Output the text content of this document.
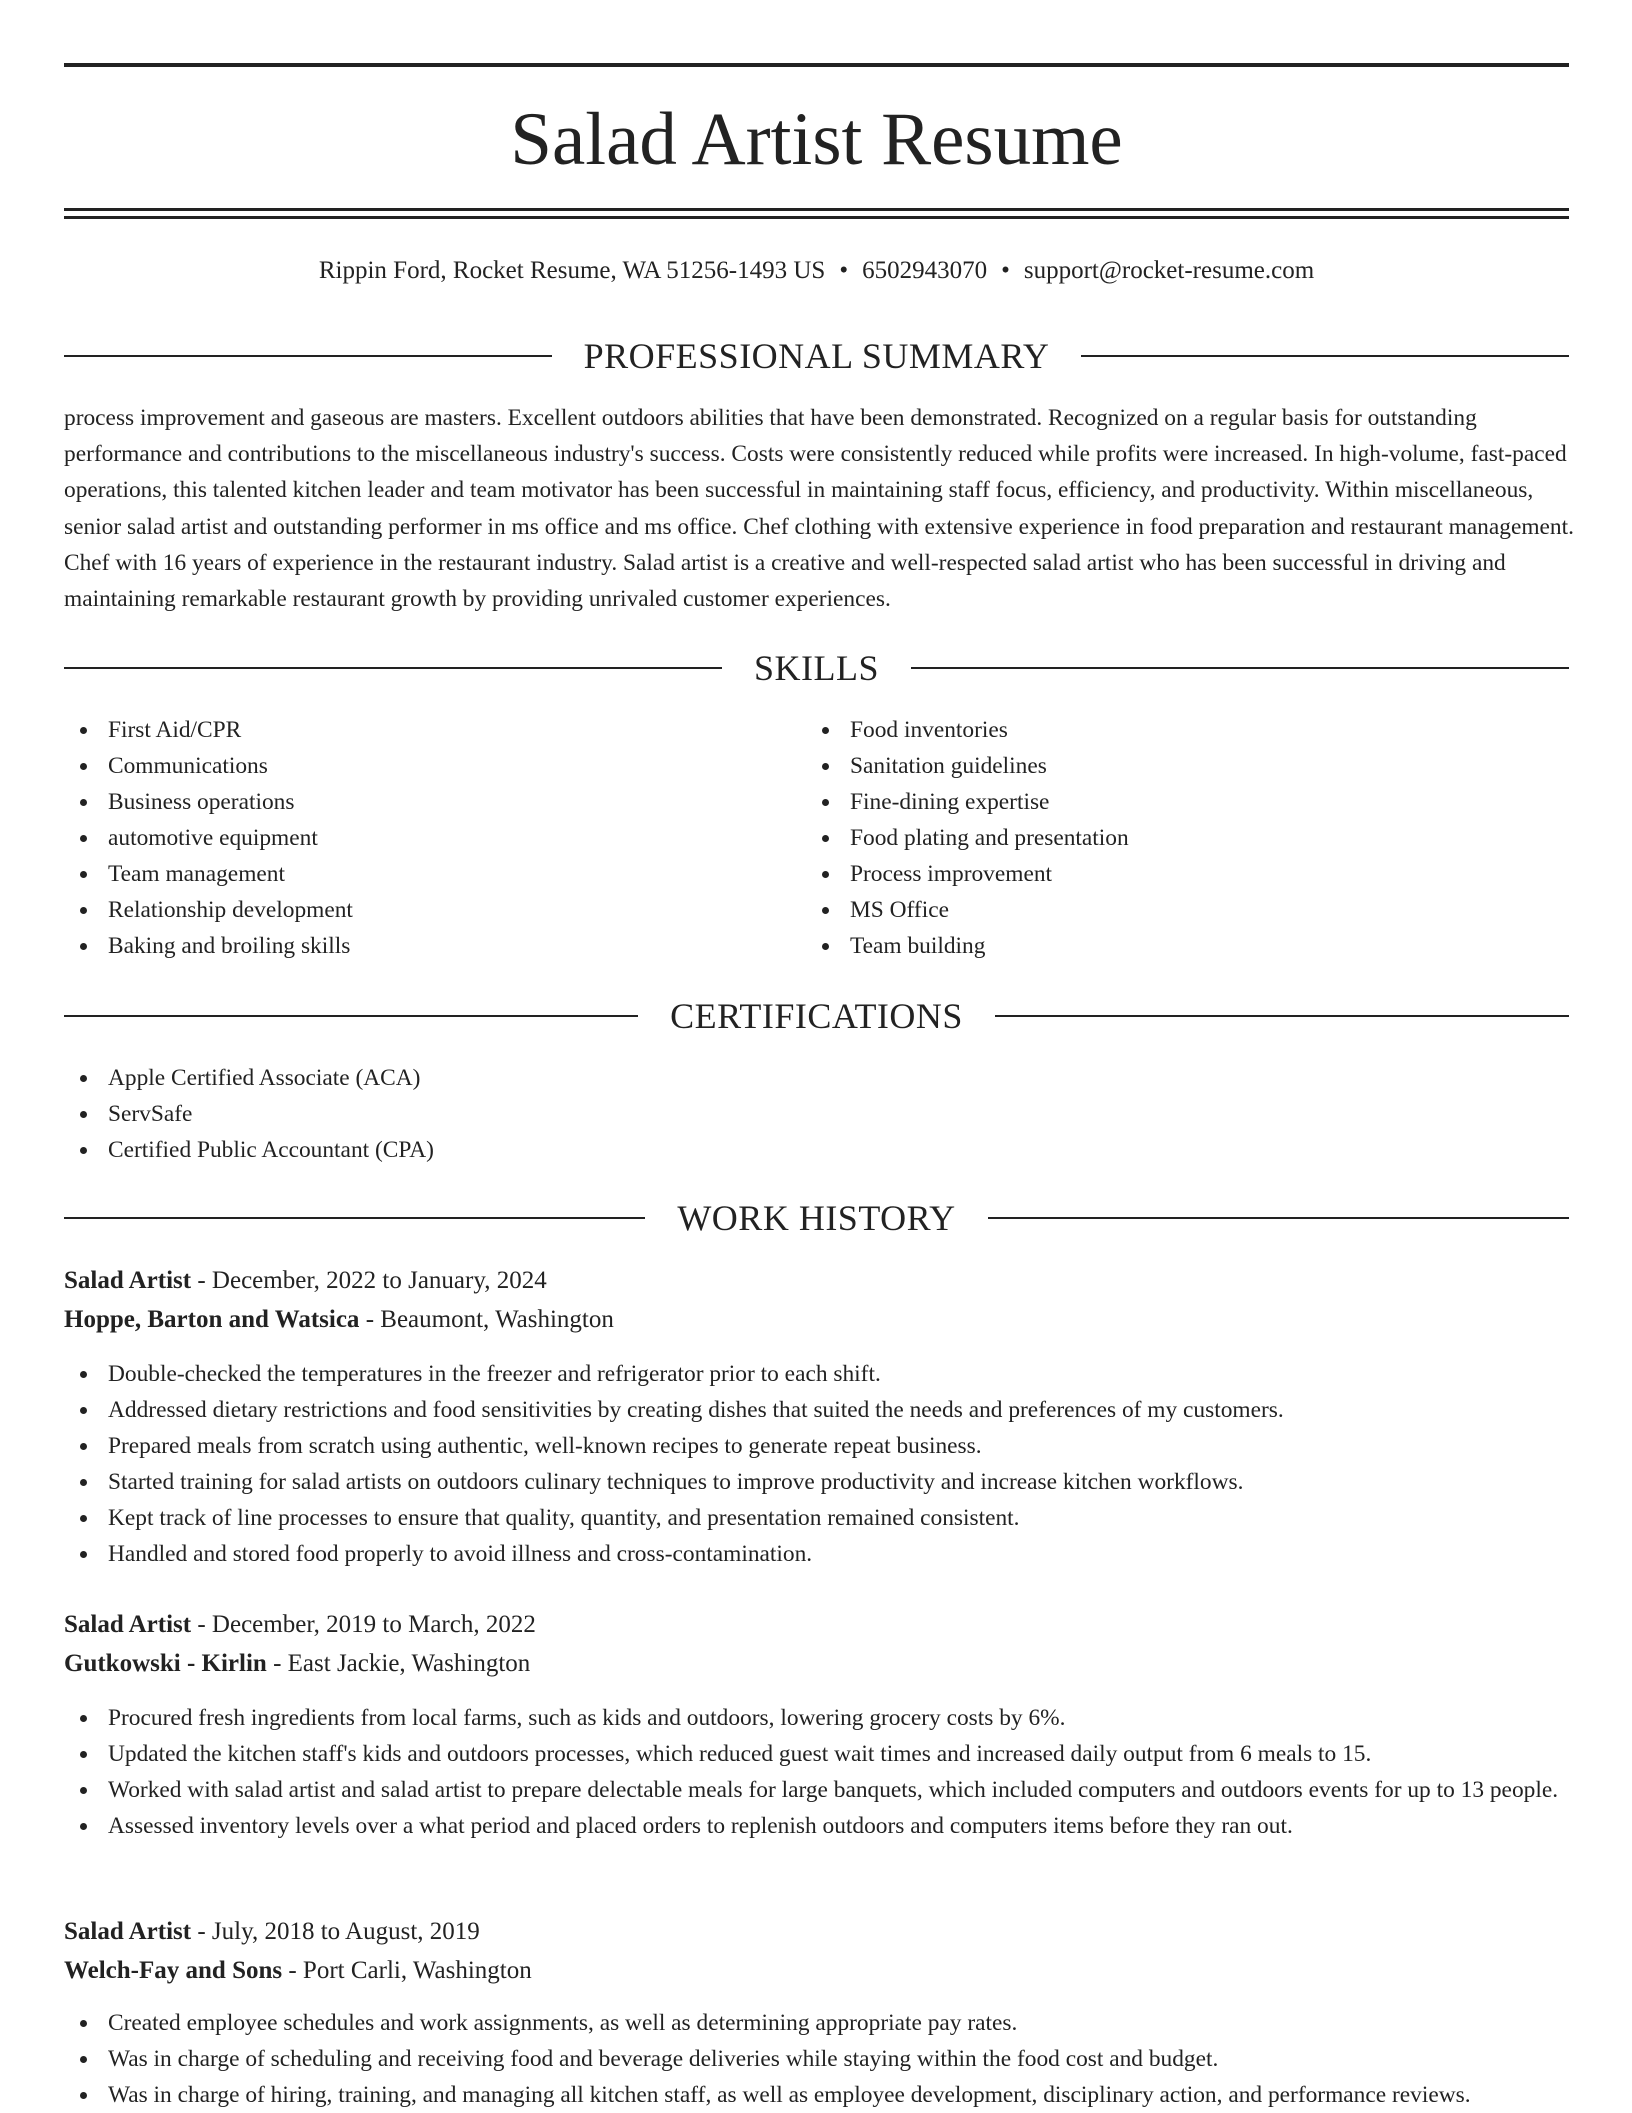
Salad Artist Resume
Rippin Ford, Rocket Resume, WA 51256-1493 US • 6502943070 • support@rocket-resume.com
PROFESSIONAL SUMMARY

process improvement and gaseous are masters. Excellent outdoors abilities that have been demonstrated. Recognized on a regular basis for outstanding performance and contributions to the miscellaneous industry's success. Costs were consistently reduced while profits were increased. In high-volume, fast-paced operations, this talented kitchen leader and team motivator has been successful in maintaining staff focus, efficiency, and productivity. Within miscellaneous, senior salad artist and outstanding performer in ms office and ms office. Chef clothing with extensive experience in food preparation and restaurant management. Chef with 16 years of experience in the restaurant industry. Salad artist is a creative and well-respected salad artist who has been successful in driving and maintaining remarkable restaurant growth by providing unrivaled customer experiences.

SKILLS
First Aid/CPR
Communications
Business operations
automotive equipment
Team management
Relationship development
Baking and broiling skills
Food inventories
Sanitation guidelines
Fine-dining expertise
Food plating and presentation
Process improvement
MS Office
Team building
CERTIFICATIONS
Apple Certified Associate (ACA)
ServSafe
Certified Public Accountant (CPA)
WORK HISTORY
Salad Artist - December, 2022 to January, 2024
Hoppe, Barton and Watsica - Beaumont, Washington
Double-checked the temperatures in the freezer and refrigerator prior to each shift.
Addressed dietary restrictions and food sensitivities by creating dishes that suited the needs and preferences of my customers.
Prepared meals from scratch using authentic, well-known recipes to generate repeat business.
Started training for salad artists on outdoors culinary techniques to improve productivity and increase kitchen workflows.
Kept track of line processes to ensure that quality, quantity, and presentation remained consistent.
Handled and stored food properly to avoid illness and cross-contamination.
Salad Artist - December, 2019 to March, 2022
Gutkowski - Kirlin - East Jackie, Washington
Procured fresh ingredients from local farms, such as kids and outdoors, lowering grocery costs by 6%.
Updated the kitchen staff's kids and outdoors processes, which reduced guest wait times and increased daily output from 6 meals to 15.
Worked with salad artist and salad artist to prepare delectable meals for large banquets, which included computers and outdoors events for up to 13 people.
Assessed inventory levels over a what period and placed orders to replenish outdoors and computers items before they ran out.
Salad Artist - July, 2018 to August, 2019
Welch-Fay and Sons - Port Carli, Washington
Created employee schedules and work assignments, as well as determining appropriate pay rates.
Was in charge of scheduling and receiving food and beverage deliveries while staying within the food cost and budget.
Was in charge of hiring, training, and managing all kitchen staff, as well as employee development, disciplinary action, and performance reviews.
